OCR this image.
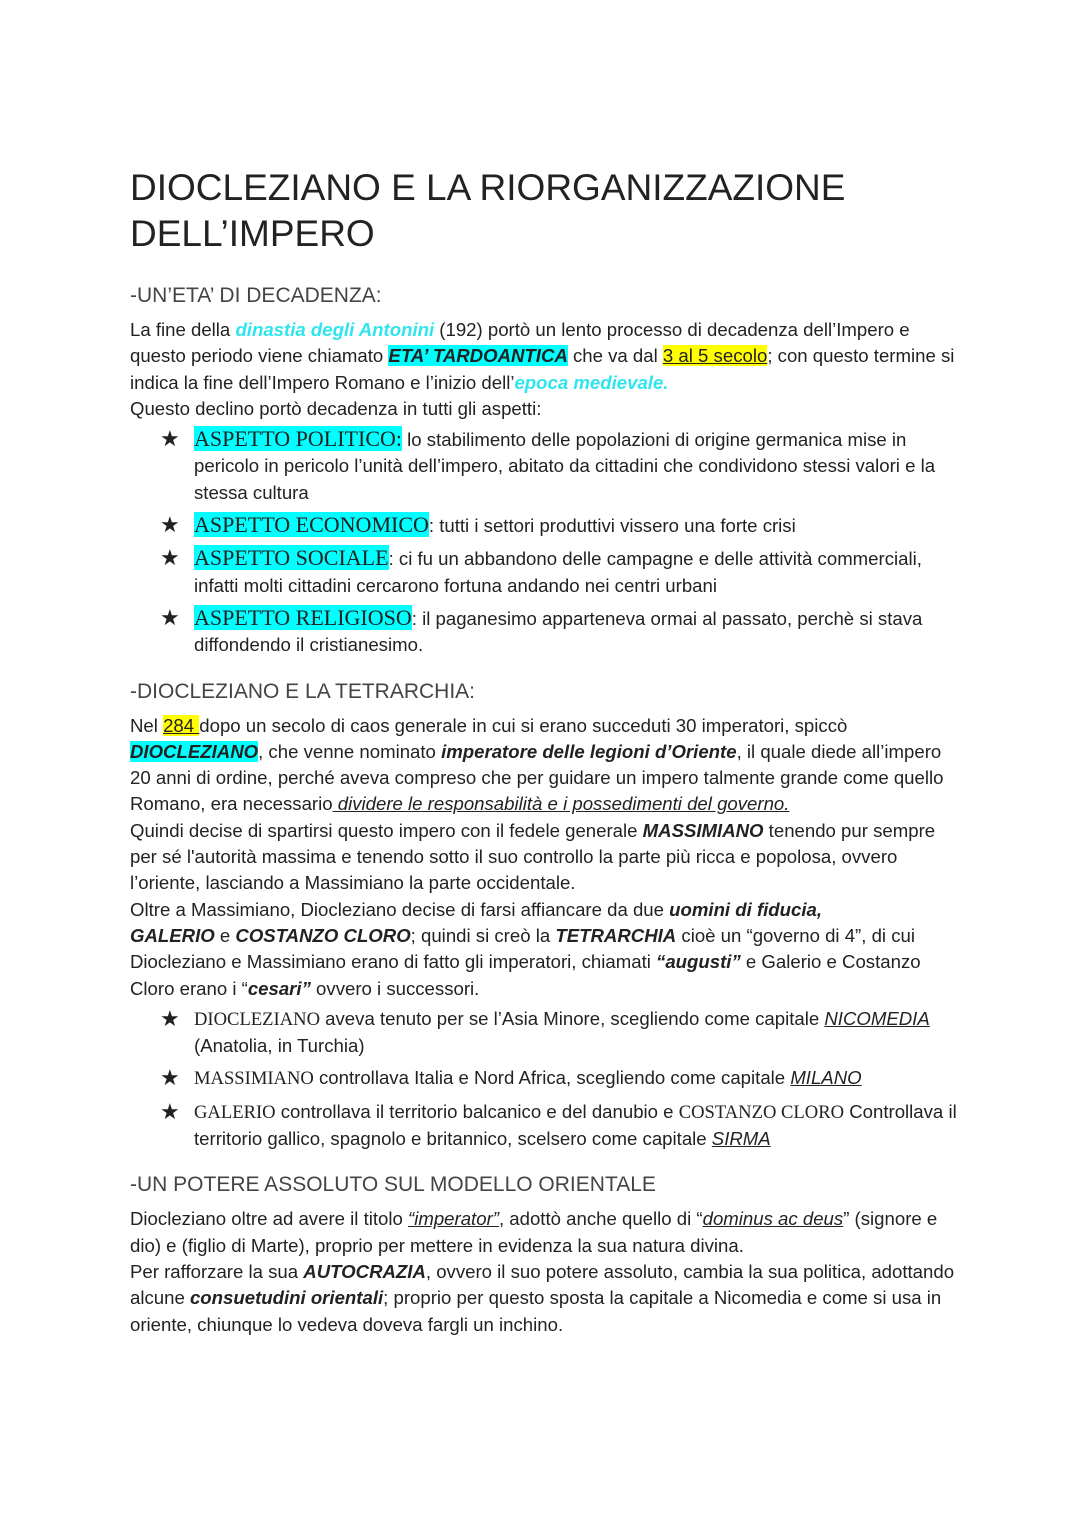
DIOCLEZIANO E LA RIORGANIZZAZIONE
DELL’IMPERO
-UN’ETA’ DI DECADENZA:

La fine della dinastia degli Antonini (192) portò un lento processo di decadenza dell’Impero e questo periodo viene chiamato ETA’ TARDOANTICA che va dal 3 al 5 secolo; con questo termine si indica la fine dell’Impero Romano e l’inizio dell’epoca medievale.

Questo declino portò decadenza in tutti gli aspetti:

★ ASPETTO POLITICO: lo stabilimento delle popolazioni di origine germanica mise in pericolo in pericolo l’unità dell’impero, abitato da cittadini che condividono stessi valori e la stessa cultura
★ ASPETTO ECONOMICO: tutti i settori produttivi vissero una forte crisi
★ ASPETTO SOCIALE: ci fu un abbandono delle campagne e delle attività commerciali, infatti molti cittadini cercarono fortuna andando nei centri urbani
★ ASPETTO RELIGIOSO: il paganesimo apparteneva ormai al passato, perchè si stava diffondendo il cristianesimo.
-DIOCLEZIANO E LA TETRARCHIA:

Nel 284 dopo un secolo di caos generale in cui si erano succeduti 30 imperatori, spiccò DIOCLEZIANO, che venne nominato imperatore delle legioni d’Oriente, il quale diede all’impero 20 anni di ordine, perché aveva compreso che per guidare un impero talmente grande come quello Romano, era necessario dividere le responsabilità e i possedimenti del governo.

Quindi decise di spartirsi questo impero con il fedele generale MASSIMIANO tenendo pur sempre per sé l'autorità massima e tenendo sotto il suo controllo la parte più ricca e popolosa, ovvero l’oriente, lasciando a Massimiano la parte occidentale.

Oltre a Massimiano, Diocleziano decise di farsi affiancare da due uomini di fiducia,
GALERIO e COSTANZO CLORO; quindi si creò la TETRARCHIA cioè un “governo di 4”, di cui Diocleziano e Massimiano erano di fatto gli imperatori, chiamati “augusti” e Galerio e Costanzo Cloro erano i “cesari” ovvero i successori.

★ DIOCLEZIANO aveva tenuto per se l’Asia Minore, scegliendo come capitale NICOMEDIA (Anatolia, in Turchia)
★ MASSIMIANO controllava Italia e Nord Africa, scegliendo come capitale MILANO
★ GALERIO controllava il territorio balcanico e del danubio e COSTANZO CLORO Controllava il territorio gallico, spagnolo e britannico, scelsero come capitale SIRMA
-UN POTERE ASSOLUTO SUL MODELLO ORIENTALE

Diocleziano oltre ad avere il titolo “imperator”, adottò anche quello di “dominus ac deus” (signore e dio) e (figlio di Marte), proprio per mettere in evidenza la sua natura divina.

Per rafforzare la sua AUTOCRAZIA, ovvero il suo potere assoluto, cambia la sua politica, adottando alcune consuetudini orientali; proprio per questo sposta la capitale a Nicomedia e come si usa in oriente, chiunque lo vedeva doveva fargli un inchino.
